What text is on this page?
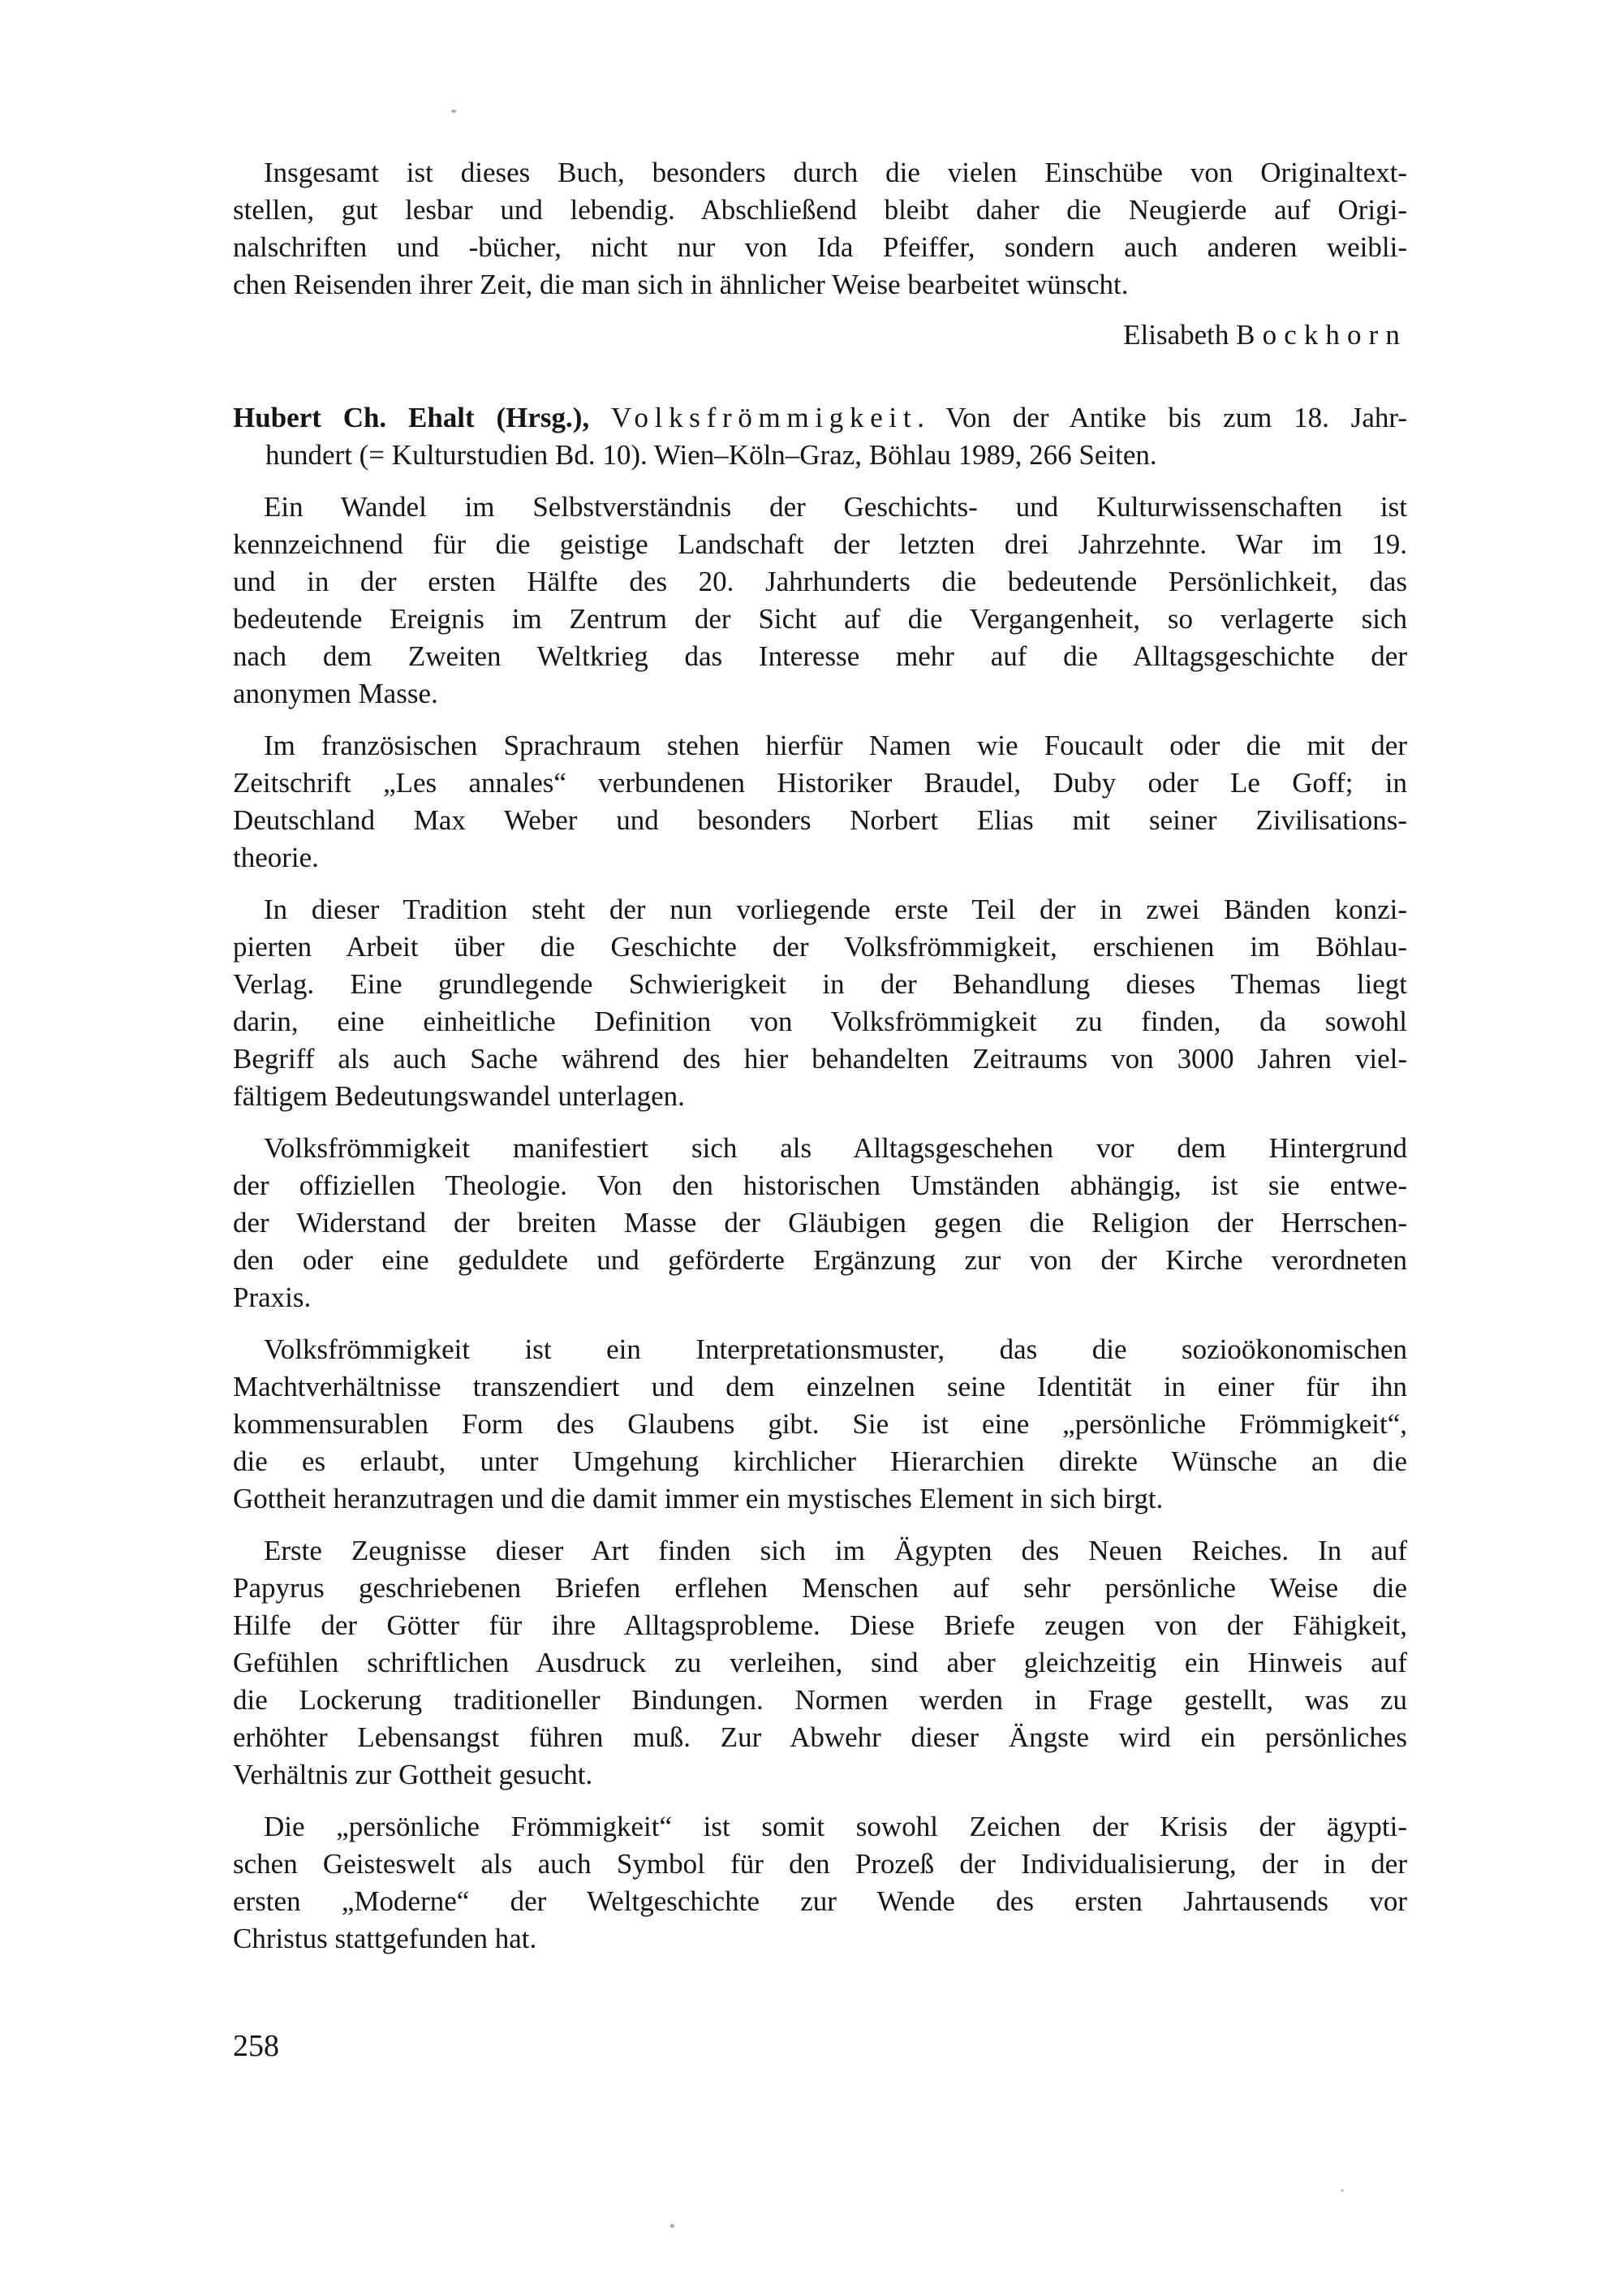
Insgesamt ist dieses Buch, besonders durch die vielen Einschübe von Originaltext-
stellen, gut lesbar und lebendig. Abschließend bleibt daher die Neugierde auf Origi-
nalschriften und -bücher, nicht nur von Ida Pfeiffer, sondern auch anderen weibli-
chen Reisenden ihrer Zeit, die man sich in ähnlicher Weise bearbeitet wünscht.
Elisabeth Bockhorn
Hubert Ch. Ehalt (Hrsg.), Volksfrömmigkeit. Von der Antike bis zum 18. Jahr-
hundert (= Kulturstudien Bd. 10). Wien–Köln–Graz, Böhlau 1989, 266 Seiten.
Ein Wandel im Selbstverständnis der Geschichts- und Kulturwissenschaften ist
kennzeichnend für die geistige Landschaft der letzten drei Jahrzehnte. War im 19.
und in der ersten Hälfte des 20. Jahrhunderts die bedeutende Persönlichkeit, das
bedeutende Ereignis im Zentrum der Sicht auf die Vergangenheit, so verlagerte sich
nach dem Zweiten Weltkrieg das Interesse mehr auf die Alltagsgeschichte der
anonymen Masse.
Im französischen Sprachraum stehen hierfür Namen wie Foucault oder die mit der
Zeitschrift „Les annales“ verbundenen Historiker Braudel, Duby oder Le Goff; in
Deutschland Max Weber und besonders Norbert Elias mit seiner Zivilisations-
theorie.
In dieser Tradition steht der nun vorliegende erste Teil der in zwei Bänden konzi-
pierten Arbeit über die Geschichte der Volksfrömmigkeit, erschienen im Böhlau-
Verlag. Eine grundlegende Schwierigkeit in der Behandlung dieses Themas liegt
darin, eine einheitliche Definition von Volksfrömmigkeit zu finden, da sowohl
Begriff als auch Sache während des hier behandelten Zeitraums von 3000 Jahren viel-
fältigem Bedeutungswandel unterlagen.
Volksfrömmigkeit manifestiert sich als Alltagsgeschehen vor dem Hintergrund
der offiziellen Theologie. Von den historischen Umständen abhängig, ist sie entwe-
der Widerstand der breiten Masse der Gläubigen gegen die Religion der Herrschen-
den oder eine geduldete und geförderte Ergänzung zur von der Kirche verordneten
Praxis.
Volksfrömmigkeit ist ein Interpretationsmuster, das die sozioökonomischen
Machtverhältnisse transzendiert und dem einzelnen seine Identität in einer für ihn
kommensurablen Form des Glaubens gibt. Sie ist eine „persönliche Frömmigkeit“,
die es erlaubt, unter Umgehung kirchlicher Hierarchien direkte Wünsche an die
Gottheit heranzutragen und die damit immer ein mystisches Element in sich birgt.
Erste Zeugnisse dieser Art finden sich im Ägypten des Neuen Reiches. In auf
Papyrus geschriebenen Briefen erflehen Menschen auf sehr persönliche Weise die
Hilfe der Götter für ihre Alltagsprobleme. Diese Briefe zeugen von der Fähigkeit,
Gefühlen schriftlichen Ausdruck zu verleihen, sind aber gleichzeitig ein Hinweis auf
die Lockerung traditioneller Bindungen. Normen werden in Frage gestellt, was zu
erhöhter Lebensangst führen muß. Zur Abwehr dieser Ängste wird ein persönliches
Verhältnis zur Gottheit gesucht.
Die „persönliche Frömmigkeit“ ist somit sowohl Zeichen der Krisis der ägypti-
schen Geisteswelt als auch Symbol für den Prozeß der Individualisierung, der in der
ersten „Moderne“ der Weltgeschichte zur Wende des ersten Jahrtausends vor
Christus stattgefunden hat.
258
